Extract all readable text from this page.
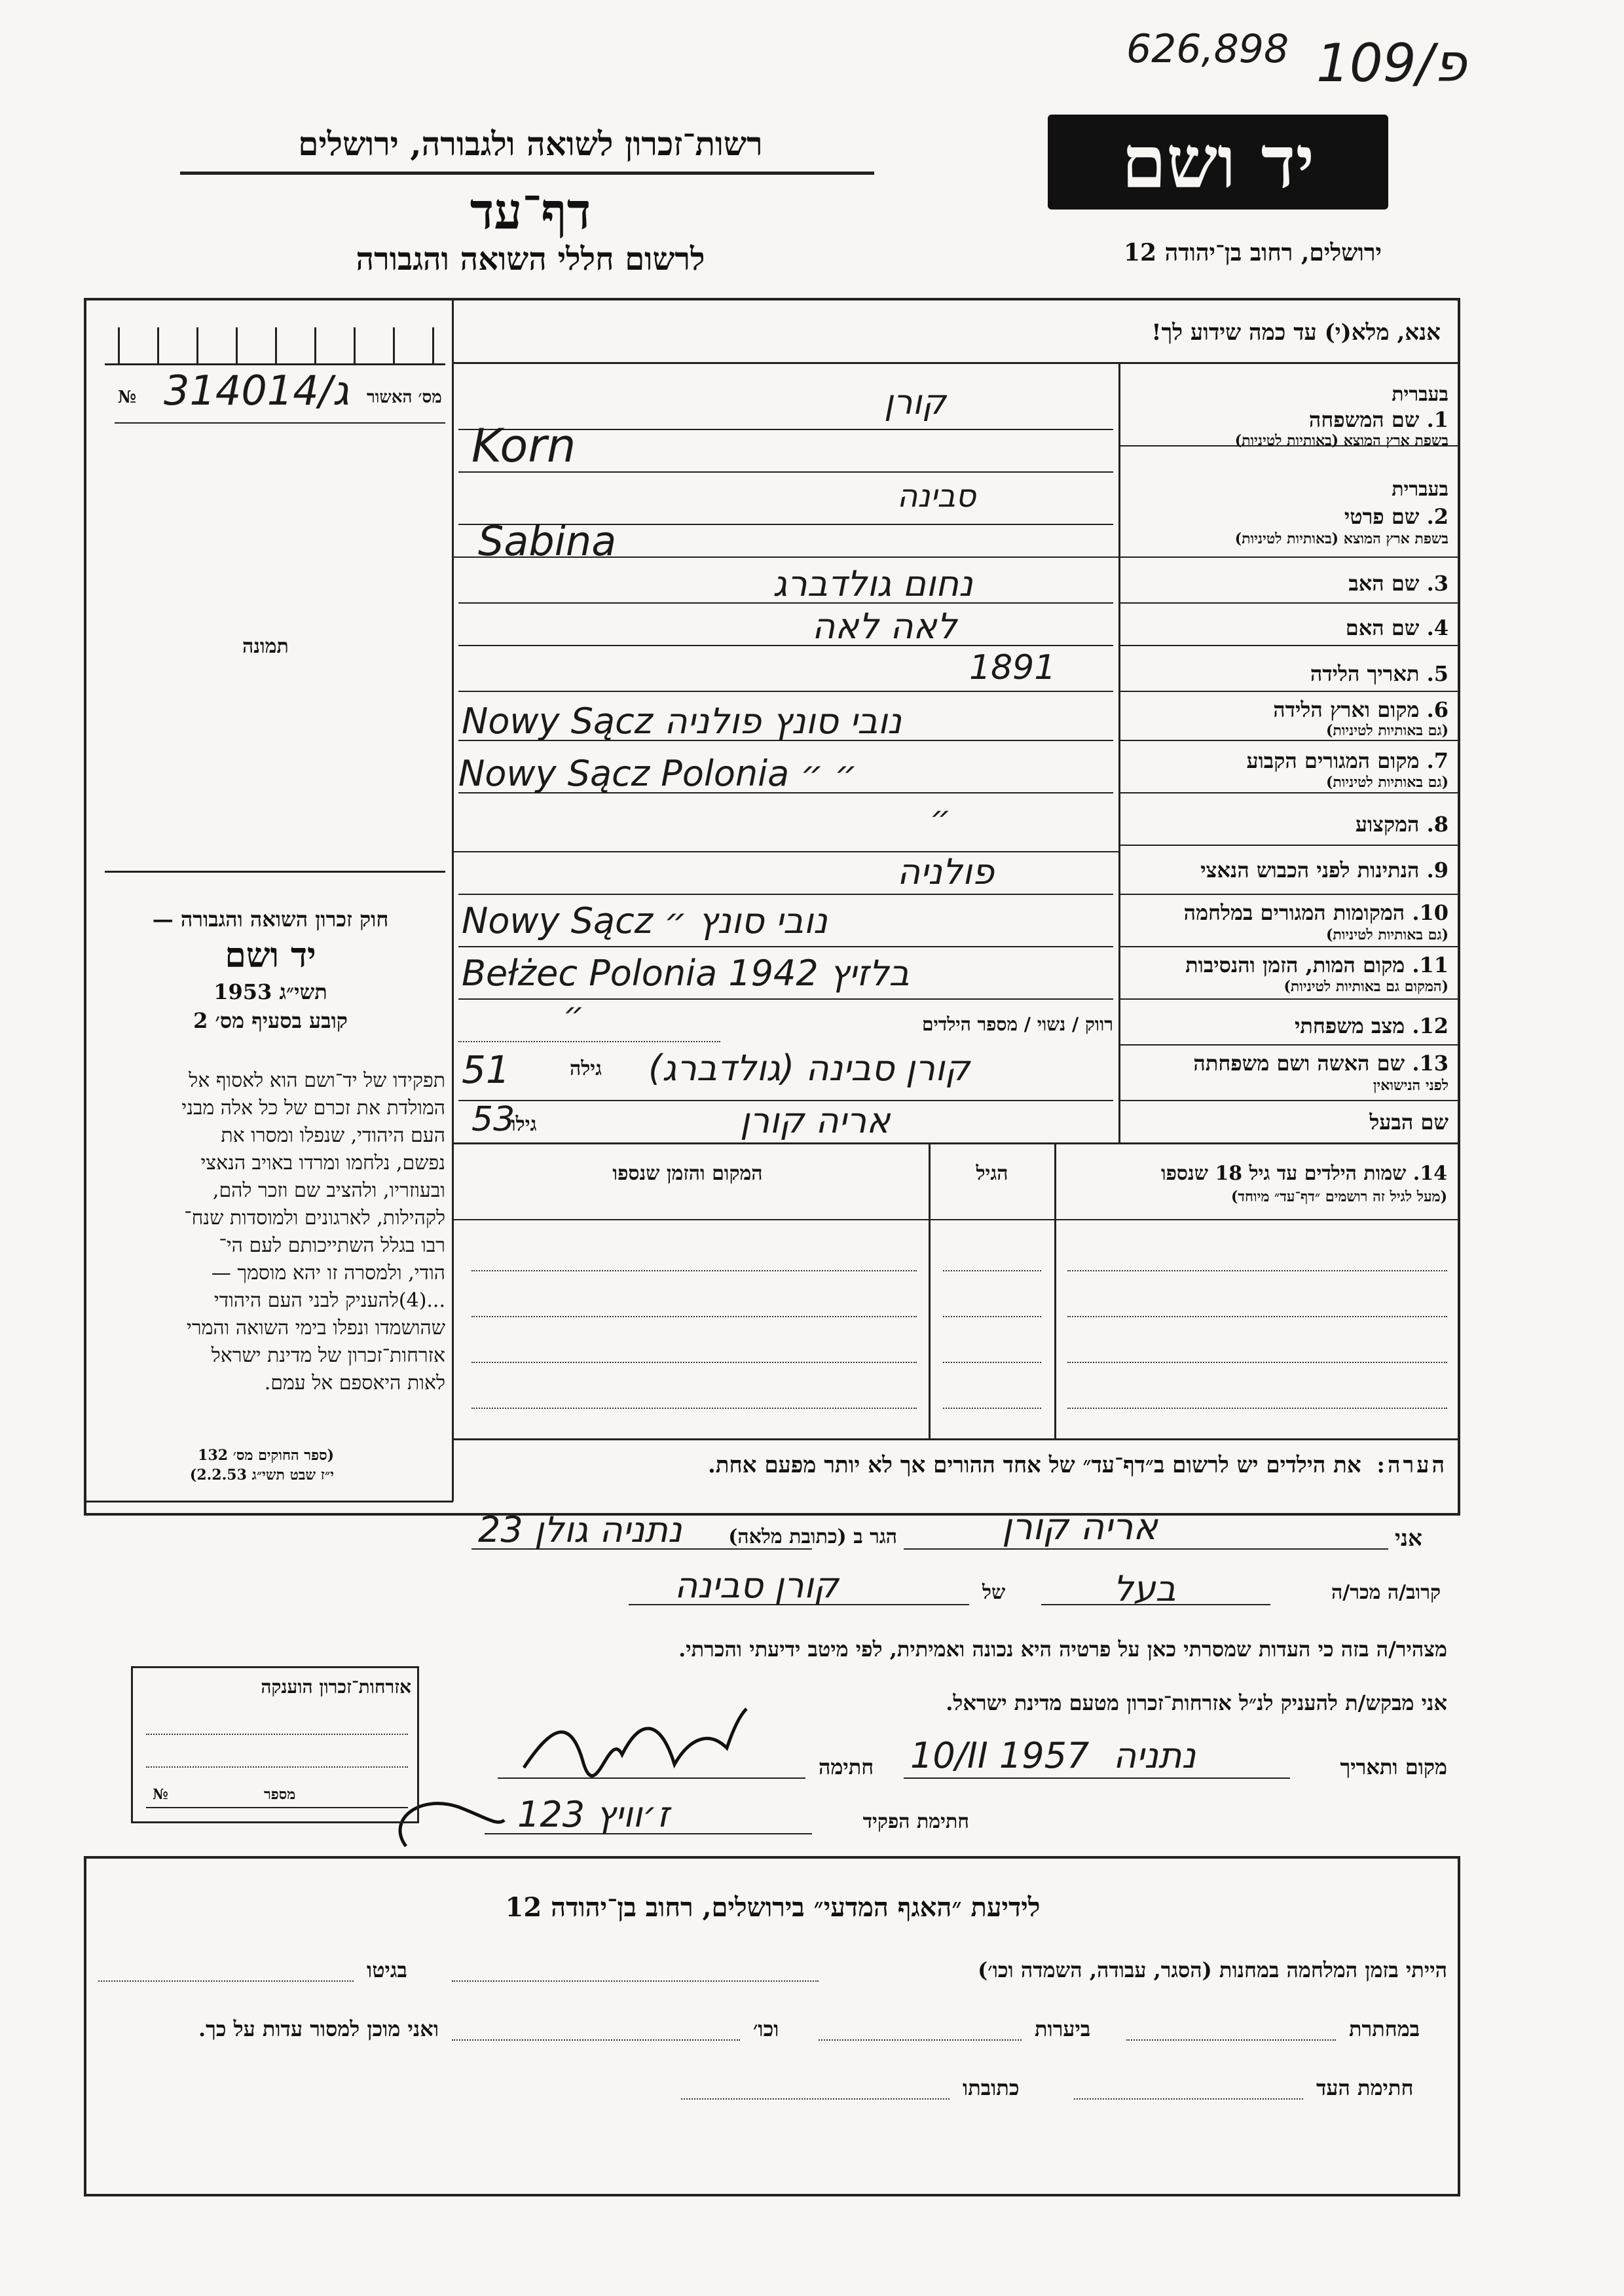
626,898 109/פ
רשות־זכרון לשואה ולגבורה, ירושלים
דף־עד
לרשום חללי השואה והגבורה
יד ושם
ירושלים, רחוב בן־יהודה 12
אנא, מלא(י) עד כמה שידוע לך!
מס׳ האשור
№ 314014/ג
תמונה
חוק זכרון השואה והגבורה —
יד ושם
תשי״ג 1953
קובע בסעיף מס׳ 2
תפקידו של יד־ושם הוא לאסוף אל
המולדת את זכרם של כל אלה מבני
העם היהודי, שנפלו ומסרו את
נפשם, נלחמו ומרדו באויב הנאצי
ובעוזריו, ולהציב שם וזכר להם,
לקהילות, לארגונים ולמוסדות שנח־
רבו בגלל השתייכותם לעם הי־
הודי, ולמסרה זו יהא מוסמך —
...(4)להעניק לבני העם היהודי
שהושמדו ונפלו בימי השואה והמרי
אזרחות־זכרון של מדינת ישראל
לאות היאספם אל עמם.
(ספר החוקים מס׳ 132
י״ז שבט תשי״ג 2.2.53)
בעברית
1. שם המשפחה
בשפת ארץ המוצא (באותיות לטיניות)
קורן
Korn
בעברית
2. שם פרטי
בשפת ארץ המוצא (באותיות לטיניות)
סבינה
Sabina
3. שם האב
נחום גולדברג
4. שם האם
לאה לאה
5. תאריך הלידה
1891
6. מקום וארץ הלידה
(גם באותיות לטיניות)
Nowy Sącz נובי סונץ פולניה
7. מקום המגורים הקבוע
(גם באותיות לטיניות)
Nowy Sącz Polonia ״ ״
8. המקצוע
״
9. הנתינות לפני הכבוש הנאצי
פולניה
10. המקומות המגורים במלחמה
(גם באותיות לטיניות)
Nowy Sącz נובי סונץ ״
11. מקום המות, הזמן והנסיבות
(המקום גם באותיות לטיניות)
Bełżec Polonia 1942 בלזיץ
12. מצב משפחתי
רווק / נשוי / מספר הילדים
״
13. שם האשה ושם משפחתה
לפני הנישואין
גילה
51	קורן סבינה (גולדברג)
שם הבעל
גילו
53	אריה קורן
14. שמות הילדים עד גיל 18 שנספו
(מעל לגיל זה רושמים ״דף־עד״ מיוחד)
הגיל
המקום והזמן שנספו
הערה:  את הילדים יש לרשום ב״דף־עד״ של אחד ההורים אך לא יותר מפעם אחת.
אני
אריה קורן
הגר ב (כתובת מלאה)
נתניה גולן 23
קרוב/ה מכר/ה
בעל
של
קורן סבינה
מצהיר/ה בזה כי העדות שמסרתי כאן על פרטיה היא נכונה ואמיתית, לפי מיטב ידיעתי והכרתי.
אני מבקש/ת להעניק לנ״ל אזרחות־זכרון מטעם מדינת ישראל.
מקום ותאריך
נתניה
10/II 1957
חתימה
חתימת הפקיד
ז׳וויץ 123
לידיעת ״האגף המדעי״ בירושלים, רחוב בן־יהודה 12
הייתי בזמן המלחמה במחנות (הסגר, עבודה, השמדה וכו׳)
בגיטו
במחתרת
ביערות
וכו׳
ואני מוכן למסור עדות על כך.
חתימת העד
כתובתו
אזרחות־זכרון הוענקה
מספר
№
